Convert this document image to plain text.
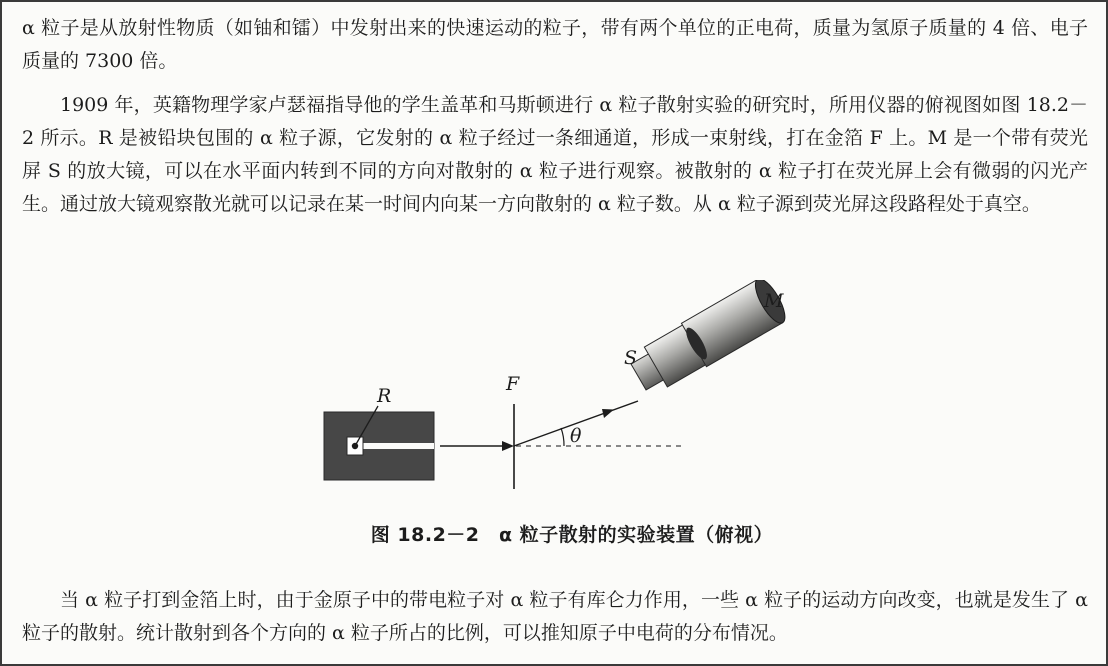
α 粒子是从放射性物质（如铀和镭）中发射出来的快速运动的粒子，带有两个单位的正电荷，质量为氢原子质量的 4 倍、电子质量的 7300 倍。

1909 年，英籍物理学家卢瑟福指导他的学生盖革和马斯顿进行 α 粒子散射实验的研究时，所用仪器的俯视图如图 18.2－2 所示。R 是被铅块包围的 α 粒子源，它发射的 α 粒子经过一条细通道，形成一束射线，打在金箔 F 上。M 是一个带有荧光屏 S 的放大镜，可以在水平面内转到不同的方向对散射的 α 粒子进行观察。被散射的 α 粒子打在荧光屏上会有微弱的闪光产生。通过放大镜观察散光就可以记录在某一时间内向某一方向散射的 α 粒子数。从 α 粒子源到荧光屏这段路程处于真空。

R
F
θ
S
M
图 18.2－2　α 粒子散射的实验装置（俯视）

当 α 粒子打到金箔上时，由于金原子中的带电粒子对 α 粒子有库仑力作用，一些 α 粒子的运动方向改变，也就是发生了 α 粒子的散射。统计散射到各个方向的 α 粒子所占的比例，可以推知原子中电荷的分布情况。
